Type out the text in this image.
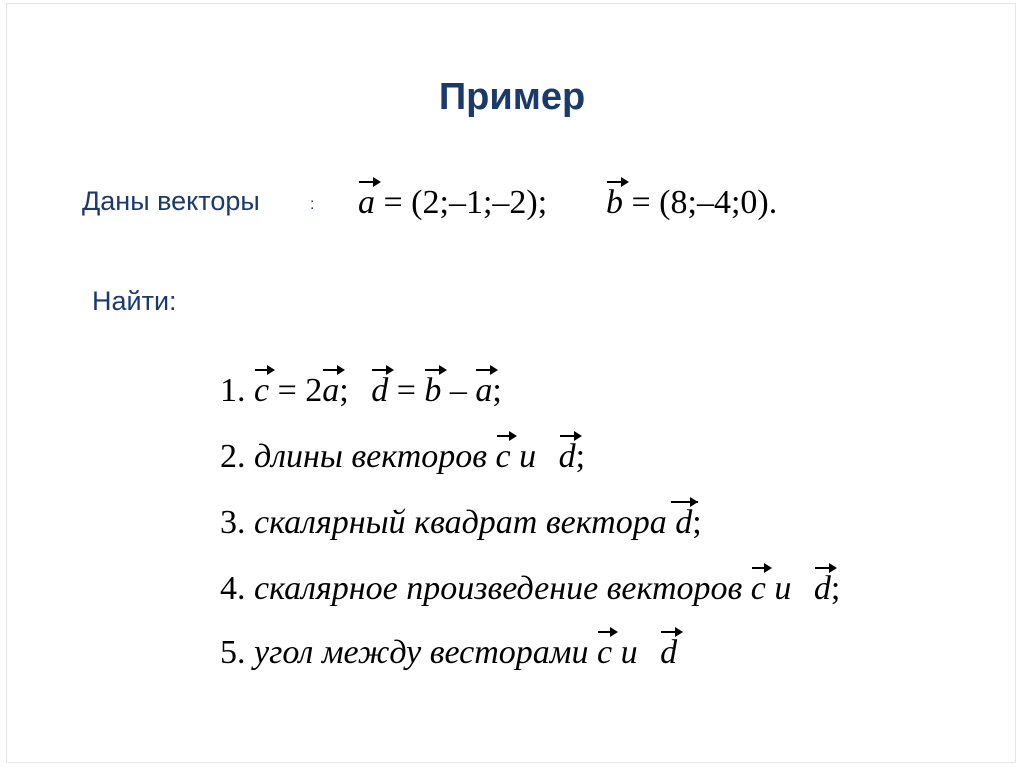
Пример
Даны векторы	: a = (2;–1;–2); b = (8;–4;0).
Найти:
1. c = 2a; d = b – a;
2. длины векторов c и d;
3. скалярный квадрат вектора d;
4. скалярное произведение векторов c и d;
5. угол между весторами c и d
